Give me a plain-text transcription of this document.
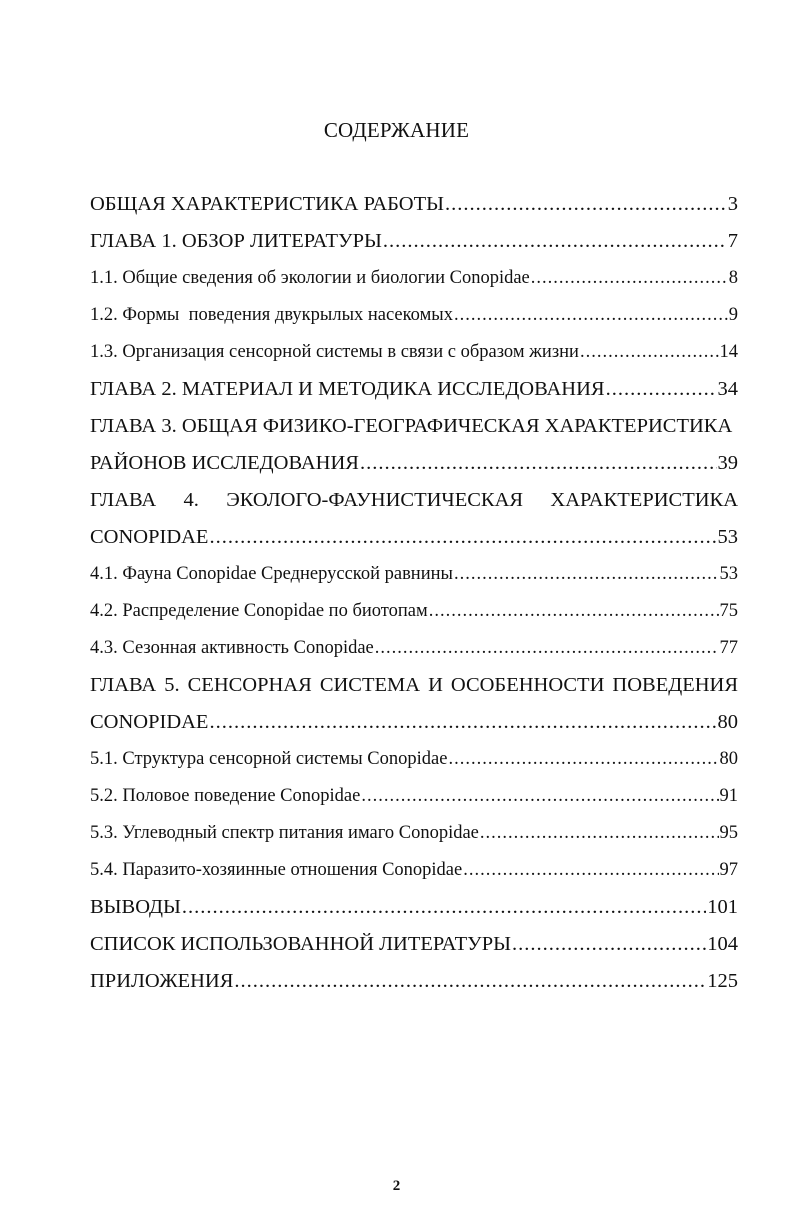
СОДЕРЖАНИЕ
ОБЩАЯ ХАРАКТЕРИСТИКА РАБОТЫ .....	3
ГЛАВА 1. ОБЗОР ЛИТЕРАТУРЫ .....	7
1.1. Общие сведения об экологии и биологии Conopidae .....	8
1.2. Формы  поведения двукрылых насекомых .....	9
1.3. Организация сенсорной системы в связи с образом жизни .....	14
ГЛАВА 2. МАТЕРИАЛ И МЕТОДИКА ИССЛЕДОВАНИЯ .....	34
ГЛАВА 3. ОБЩАЯ ФИЗИКО-ГЕОГРАФИЧЕСКАЯ ХАРАКТЕРИСТИКА
РАЙОНОВ ИССЛЕДОВАНИЯ .....	39
ГЛАВА 4. ЭКОЛОГО-ФАУНИСТИЧЕСКАЯ ХАРАКТЕРИСТИКА
CONOPIDAE .....	53
4.1. Фауна Conopidae Среднерусской равнины .....	53
4.2. Распределение Conopidae по биотопам .....	75
4.3. Сезонная активность Conopidae .....	77
ГЛАВА 5. СЕНСОРНАЯ СИСТЕМА И ОСОБЕННОСТИ ПОВЕДЕНИЯ
CONOPIDAE .....	80
5.1. Структура сенсорной системы Conopidae .....	80
5.2. Половое поведение Conopidae .....	91
5.3. Углеводный спектр питания имаго Conopidae .....	95
5.4. Паразито-хозяинные отношения Conopidae .....	97
ВЫВОДЫ .....	101
СПИСОК ИСПОЛЬЗОВАННОЙ ЛИТЕРАТУРЫ .....	104
ПРИЛОЖЕНИЯ .....	125
2
